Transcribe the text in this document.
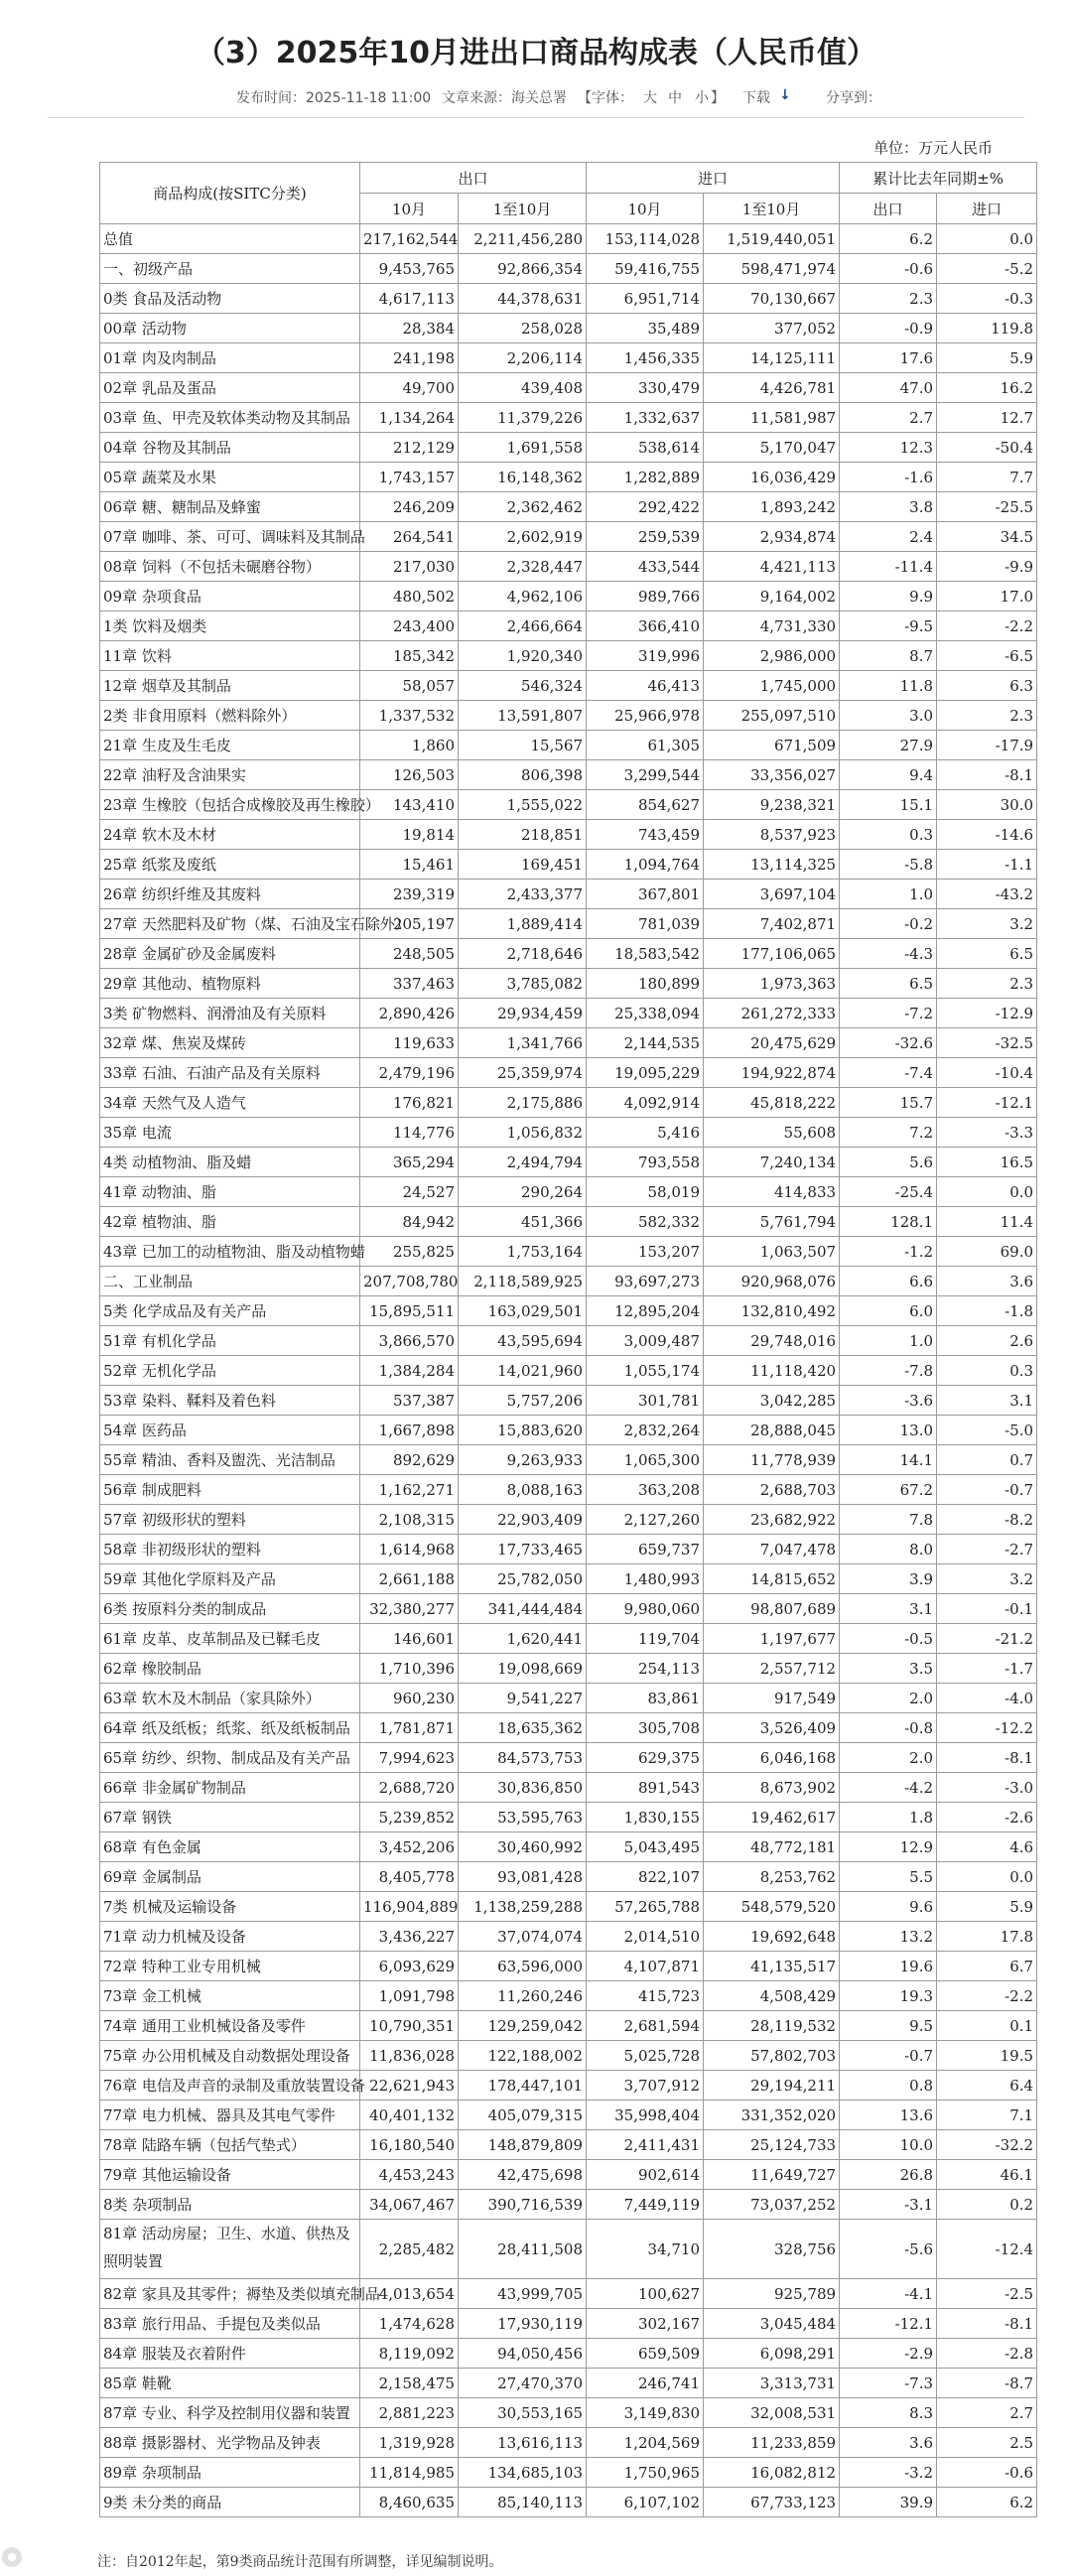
（3）2025年10月进出口商品构成表（人民币值）
发布时间：2025-11-18 11:00 文章来源：海关总署 【字体： 大 中 小 】 下载 ↓	分享到：
单位：万元人民币
商品构成(按SITC分类)	出口		进口		累计比去年同期±%	
	10月	1至10月	10月	1至10月	出口	进口
总值	217,162,544	2,211,456,280	153,114,028	1,519,440,051	6.2	0.0
一、初级产品	9,453,765	92,866,354	59,416,755	598,471,974	-0.6	-5.2
0类 食品及活动物	4,617,113	44,378,631	6,951,714	70,130,667	2.3	-0.3
00章 活动物	28,384	258,028	35,489	377,052	-0.9	119.8
01章 肉及肉制品	241,198	2,206,114	1,456,335	14,125,111	17.6	5.9
02章 乳品及蛋品	49,700	439,408	330,479	4,426,781	47.0	16.2
03章 鱼、甲壳及软体类动物及其制品	1,134,264	11,379,226	1,332,637	11,581,987	2.7	12.7
04章 谷物及其制品	212,129	1,691,558	538,614	5,170,047	12.3	-50.4
05章 蔬菜及水果	1,743,157	16,148,362	1,282,889	16,036,429	-1.6	7.7
06章 糖、糖制品及蜂蜜	246,209	2,362,462	292,422	1,893,242	3.8	-25.5
07章 咖啡、茶、可可、调味料及其制品	264,541	2,602,919	259,539	2,934,874	2.4	34.5
08章 饲料（不包括未碾磨谷物）	217,030	2,328,447	433,544	4,421,113	-11.4	-9.9
09章 杂项食品	480,502	4,962,106	989,766	9,164,002	9.9	17.0
1类 饮料及烟类	243,400	2,466,664	366,410	4,731,330	-9.5	-2.2
11章 饮料	185,342	1,920,340	319,996	2,986,000	8.7	-6.5
12章 烟草及其制品	58,057	546,324	46,413	1,745,000	11.8	6.3
2类 非食用原料（燃料除外）	1,337,532	13,591,807	25,966,978	255,097,510	3.0	2.3
21章 生皮及生毛皮	1,860	15,567	61,305	671,509	27.9	-17.9
22章 油籽及含油果实	126,503	806,398	3,299,544	33,356,027	9.4	-8.1
23章 生橡胶（包括合成橡胶及再生橡胶）	143,410	1,555,022	854,627	9,238,321	15.1	30.0
24章 软木及木材	19,814	218,851	743,459	8,537,923	0.3	-14.6
25章 纸浆及废纸	15,461	169,451	1,094,764	13,114,325	-5.8	-1.1
26章 纺织纤维及其废料	239,319	2,433,377	367,801	3,697,104	1.0	-43.2
27章 天然肥料及矿物（煤、石油及宝石除外）	205,197	1,889,414	781,039	7,402,871	-0.2	3.2
28章 金属矿砂及金属废料	248,505	2,718,646	18,583,542	177,106,065	-4.3	6.5
29章 其他动、植物原料	337,463	3,785,082	180,899	1,973,363	6.5	2.3
3类 矿物燃料、润滑油及有关原料	2,890,426	29,934,459	25,338,094	261,272,333	-7.2	-12.9
32章 煤、焦炭及煤砖	119,633	1,341,766	2,144,535	20,475,629	-32.6	-32.5
33章 石油、石油产品及有关原料	2,479,196	25,359,974	19,095,229	194,922,874	-7.4	-10.4
34章 天然气及人造气	176,821	2,175,886	4,092,914	45,818,222	15.7	-12.1
35章 电流	114,776	1,056,832	5,416	55,608	7.2	-3.3
4类 动植物油、脂及蜡	365,294	2,494,794	793,558	7,240,134	5.6	16.5
41章 动物油、脂	24,527	290,264	58,019	414,833	-25.4	0.0
42章 植物油、脂	84,942	451,366	582,332	5,761,794	128.1	11.4
43章 已加工的动植物油、脂及动植物蜡	255,825	1,753,164	153,207	1,063,507	-1.2	69.0
二、工业制品	207,708,780	2,118,589,925	93,697,273	920,968,076	6.6	3.6
5类 化学成品及有关产品	15,895,511	163,029,501	12,895,204	132,810,492	6.0	-1.8
51章 有机化学品	3,866,570	43,595,694	3,009,487	29,748,016	1.0	2.6
52章 无机化学品	1,384,284	14,021,960	1,055,174	11,118,420	-7.8	0.3
53章 染料、鞣料及着色料	537,387	5,757,206	301,781	3,042,285	-3.6	3.1
54章 医药品	1,667,898	15,883,620	2,832,264	28,888,045	13.0	-5.0
55章 精油、香料及盥洗、光洁制品	892,629	9,263,933	1,065,300	11,778,939	14.1	0.7
56章 制成肥料	1,162,271	8,088,163	363,208	2,688,703	67.2	-0.7
57章 初级形状的塑料	2,108,315	22,903,409	2,127,260	23,682,922	7.8	-8.2
58章 非初级形状的塑料	1,614,968	17,733,465	659,737	7,047,478	8.0	-2.7
59章 其他化学原料及产品	2,661,188	25,782,050	1,480,993	14,815,652	3.9	3.2
6类 按原料分类的制成品	32,380,277	341,444,484	9,980,060	98,807,689	3.1	-0.1
61章 皮革、皮革制品及已鞣毛皮	146,601	1,620,441	119,704	1,197,677	-0.5	-21.2
62章 橡胶制品	1,710,396	19,098,669	254,113	2,557,712	3.5	-1.7
63章 软木及木制品（家具除外）	960,230	9,541,227	83,861	917,549	2.0	-4.0
64章 纸及纸板；纸浆、纸及纸板制品	1,781,871	18,635,362	305,708	3,526,409	-0.8	-12.2
65章 纺纱、织物、制成品及有关产品	7,994,623	84,573,753	629,375	6,046,168	2.0	-8.1
66章 非金属矿物制品	2,688,720	30,836,850	891,543	8,673,902	-4.2	-3.0
67章 钢铁	5,239,852	53,595,763	1,830,155	19,462,617	1.8	-2.6
68章 有色金属	3,452,206	30,460,992	5,043,495	48,772,181	12.9	4.6
69章 金属制品	8,405,778	93,081,428	822,107	8,253,762	5.5	0.0
7类 机械及运输设备	116,904,889	1,138,259,288	57,265,788	548,579,520	9.6	5.9
71章 动力机械及设备	3,436,227	37,074,074	2,014,510	19,692,648	13.2	17.8
72章 特种工业专用机械	6,093,629	63,596,000	4,107,871	41,135,517	19.6	6.7
73章 金工机械	1,091,798	11,260,246	415,723	4,508,429	19.3	-2.2
74章 通用工业机械设备及零件	10,790,351	129,259,042	2,681,594	28,119,532	9.5	0.1
75章 办公用机械及自动数据处理设备	11,836,028	122,188,002	5,025,728	57,802,703	-0.7	19.5
76章 电信及声音的录制及重放装置设备	22,621,943	178,447,101	3,707,912	29,194,211	0.8	6.4
77章 电力机械、器具及其电气零件	40,401,132	405,079,315	35,998,404	331,352,020	13.6	7.1
78章 陆路车辆（包括气垫式）	16,180,540	148,879,809	2,411,431	25,124,733	10.0	-32.2
79章 其他运输设备	4,453,243	42,475,698	902,614	11,649,727	26.8	46.1
8类 杂项制品	34,067,467	390,716,539	7,449,119	73,037,252	-3.1	0.2
81章 活动房屋；卫生、水道、供热及照明装置	2,285,482	28,411,508	34,710	328,756	-5.6	-12.4
82章 家具及其零件；褥垫及类似填充制品	4,013,654	43,999,705	100,627	925,789	-4.1	-2.5
83章 旅行用品、手提包及类似品	1,474,628	17,930,119	302,167	3,045,484	-12.1	-8.1
84章 服装及衣着附件	8,119,092	94,050,456	659,509	6,098,291	-2.9	-2.8
85章 鞋靴	2,158,475	27,470,370	246,741	3,313,731	-7.3	-8.7
87章 专业、科学及控制用仪器和装置	2,881,223	30,553,165	3,149,830	32,008,531	8.3	2.7
88章 摄影器材、光学物品及钟表	1,319,928	13,616,113	1,204,569	11,233,859	3.6	2.5
89章 杂项制品	11,814,985	134,685,103	1,750,965	16,082,812	-3.2	-0.6
9类 未分类的商品	8,460,635	85,140,113	6,107,102	67,733,123	39.9	6.2
●	注：自2012年起，第9类商品统计范围有所调整，详见编制说明。
